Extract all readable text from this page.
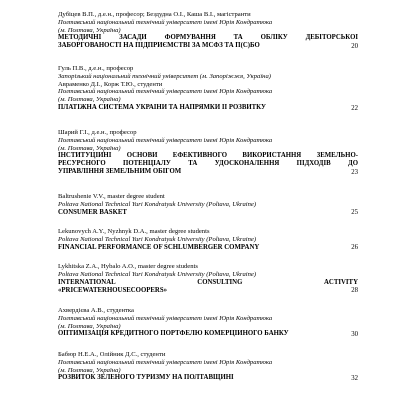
Дубіцев В.П., д.е.н., професор; Бездудна О.І., Каша В.І., магістранти
Полтавський національний технічний університет імені Юрія Кондратюка
(м. Полтава, Україна)
МЕТОДИЧНІ ЗАСАДИ ФОРМУВАННЯ ТА ОБЛІКУ ДЕБІТОРСЬКОЇ
ЗАБОРГОВАНОСТІ НА ПІДПРИЄМСТВІ ЗА МСФЗ ТА П(С)БО	20
Гуль П.В., д.е.н., професор
Запорізький національний технічний університет (м. Запоріжжя, Україна)
Авраменко Д.І., Корж Т.Ю., студенти
Полтавський національний технічний університет імені Юрія Кондратюка
(м. Полтава, Україна)
ПЛАТІЖНА СИСТЕМА УКРАЇНИ ТА НАПРЯМКИ ЇЇ РОЗВИТКУ	22
Шарий Г.І., д.е.н., професор
Полтавський національний технічний університет імені Юрія Кондратюка
(м. Полтава, Україна)
ІНСТИТУЦІЙНІ ОСНОВИ ЕФЕКТИВНОГО ВИКОРИСТАННЯ ЗЕМЕЛЬНО-
РЕСУРСНОГО ПОТЕНЦІАЛУ ТА УДОСКОНАЛЕННЯ ПІДХОДІВ ДО
УПРАВЛІННЯ ЗЕМЕЛЬНИМ ОБІГОМ	23
Baltrushenie V.V., master degree student
Poltava National Technical Yuri Kondratyuk University (Poltava, Ukraine)
CONSUMER BASKET	25
Lekunovych A.Y., Nyzhnyk D.A., master degree students
Poltava National Technical Yuri Kondratyuk University (Poltava, Ukraine)
FINANCIAL PERFORMANCE OF SCHLUMBERGER COMPANY	26
Lykhitska Z.A., Hybalo A.O., master degree students
Poltava National Technical Yuri Kondratyuk University (Poltava, Ukraine)
INTERNATIONAL CONSULTING ACTIVITY
«PRICEWATERHOUSECOOPERS»	28
Ахвердієва А.В., студентка
Полтавський національний технічний університет імені Юрія Кондратюка
(м. Полтава, Україна)
ОПТИМІЗАЦІЯ КРЕДИТНОГО ПОРТФЕЛЮ КОМЕРЦІЙНОГО БАНКУ	30
Бабюр Н.Е.А., Олійник Д.С., студенти
Полтавський національний технічний університет імені Юрія Кондратюка
(м. Полтава, Україна)
РОЗВИТОК ЗЕЛЕНОГО ТУРИЗМУ НА ПОЛТАВЩИНІ	32
